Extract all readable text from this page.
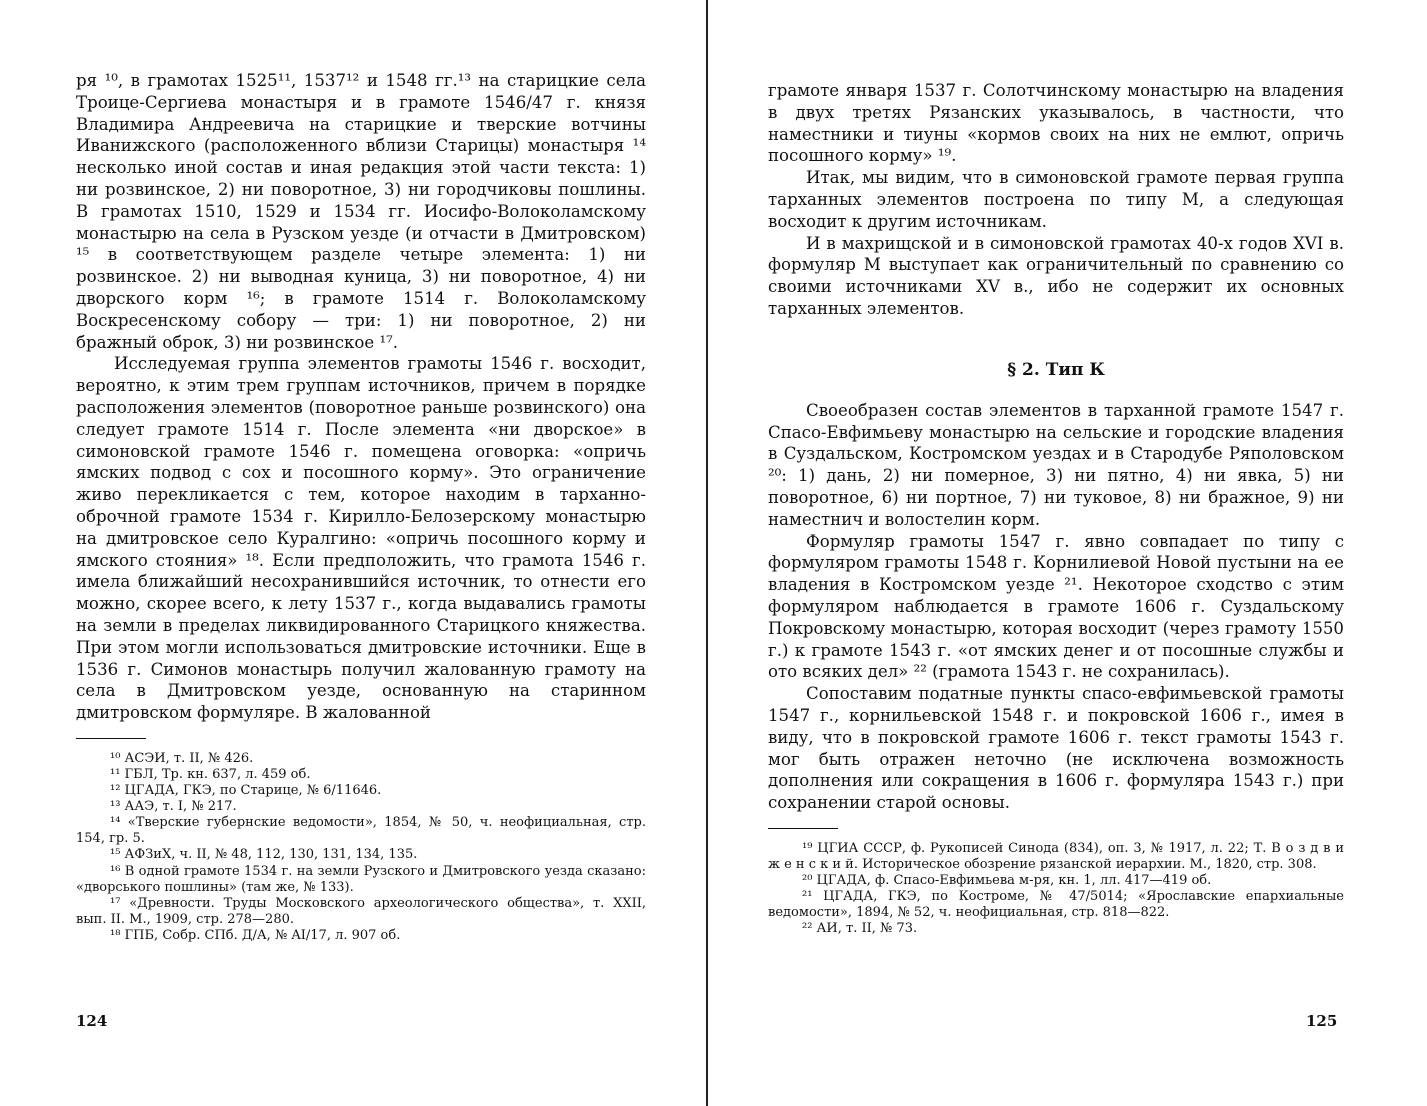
ря ¹⁰, в грамотах 1525¹¹, 1537¹² и 1548 гг.¹³ на старицкие села Троице-Сергиева монастыря и в грамоте 1546/47 г. князя Владимира Андреевича на старицкие и тверские вотчины Иванижского (расположенного вблизи Старицы) монастыря ¹⁴ несколько иной состав и иная редакция этой части текста: 1) ни розвинское, 2) ни поворотное, 3) ни городчиковы пошлины. В грамотах 1510, 1529 и 1534 гг. Иосифо-Волоколамскому монастырю на села в Рузском уезде (и отчасти в Дмитровском) ¹⁵ в соответствующем разделе четыре элемента: 1) ни розвинское. 2) ни выводная куница, 3) ни поворотное, 4) ни дворского корм ¹⁶; в грамоте 1514 г. Волоколамскому Воскресенскому собору — три: 1) ни поворотное, 2) ни бражный оброк, 3) ни розвинское ¹⁷.

Исследуемая группа элементов грамоты 1546 г. восходит, вероятно, к этим трем группам источников, причем в порядке расположения элементов (поворотное раньше розвинского) она следует грамоте 1514 г. После элемента «ни дворское» в симоновской грамоте 1546 г. помещена оговорка: «опричь ямских подвод с сох и посошного корму». Это ограничение живо перекликается с тем, которое находим в тарханно-оброчной грамоте 1534 г. Кирилло-Белозерскому монастырю на дмитровское село Куралгино: «опричь посошного корму и ямского стояния» ¹⁸. Если предположить, что грамота 1546 г. имела ближайший несохранившийся источник, то отнести его можно, скорее всего, к лету 1537 г., когда выдавались грамоты на земли в пределах ликвидированного Старицкого княжества. При этом могли использоваться дмитровские источники. Еще в 1536 г. Симонов монастырь получил жалованную грамоту на села в Дмитровском уезде, основанную на старинном дмитровском формуляре. В жалованной

¹⁰ АСЭИ, т. II, № 426.

¹¹ ГБЛ, Тр. кн. 637, л. 459 об.

¹² ЦГАДА, ГКЭ, по Старице, № 6/11646.

¹³ ААЭ, т. I, № 217.

¹⁴ «Тверские губернские ведомости», 1854, № 50, ч. неофициальная, стр. 154, гр. 5.

¹⁵ АФЗиХ, ч. II, № 48, 112, 130, 131, 134, 135.

¹⁶ В одной грамоте 1534 г. на земли Рузского и Дмитровского уезда сказано: «дворського пошлины» (там же, № 133).

¹⁷ «Древности. Труды Московского археологического общества», т. XXII, вып. II. М., 1909, стр. 278—280.

¹⁸ ГПБ, Собр. СПб. Д/А, № AI/17, л. 907 об.

124

грамоте января 1537 г. Солотчинскому монастырю на владения в двух третях Рязанских указывалось, в частности, что наместники и тиуны «кормов своих на них не емлют, опричь посошного корму» ¹⁹.

Итак, мы видим, что в симоновской грамоте первая группа тарханных элементов построена по типу М, а следующая восходит к другим источникам.

И в махрищской и в симоновской грамотах 40-х годов XVI в. формуляр М выступает как ограничительный по сравнению со своими источниками XV в., ибо не содержит их основных тарханных элементов.

§ 2. Тип К

Своеобразен состав элементов в тарханной грамоте 1547 г. Спасо-Евфимьеву монастырю на сельские и городские владения в Суздальском, Костромском уездах и в Стародубе Ряполовском ²⁰: 1) дань, 2) ни померное, 3) ни пятно, 4) ни явка, 5) ни поворотное, 6) ни портное, 7) ни туковое, 8) ни бражное, 9) ни наместнич и волостелин корм.

Формуляр грамоты 1547 г. явно совпадает по типу с формуляром грамоты 1548 г. Корнилиевой Новой пустыни на ее владения в Костромском уезде ²¹. Некоторое сходство с этим формуляром наблюдается в грамоте 1606 г. Суздальскому Покровскому монастырю, которая восходит (через грамоту 1550 г.) к грамоте 1543 г. «от ямских денег и от посошные службы и ото всяких дел» ²² (грамота 1543 г. не сохранилась).

Сопоставим податные пункты спасо-евфимьевской грамоты 1547 г., корнильевской 1548 г. и покровской 1606 г., имея в виду, что в покровской грамоте 1606 г. текст грамоты 1543 г. мог быть отражен неточно (не исключена возможность дополнения или сокращения в 1606 г. формуляра 1543 г.) при сохранении старой основы.

¹⁹ ЦГИА СССР, ф. Рукописей Синода (834), оп. 3, № 1917, л. 22; Т. В о з д в и ж е н с к и й. Историческое обозрение рязанской иерархии. М., 1820, стр. 308.

²⁰ ЦГАДА, ф. Спасо-Евфимьева м-ря, кн. 1, лл. 417—419 об.

²¹ ЦГАДА, ГКЭ, по Костроме, № 47/5014; «Ярославские епархиальные ведомости», 1894, № 52, ч. неофициальная, стр. 818—822.

²² АИ, т. II, № 73.

125
